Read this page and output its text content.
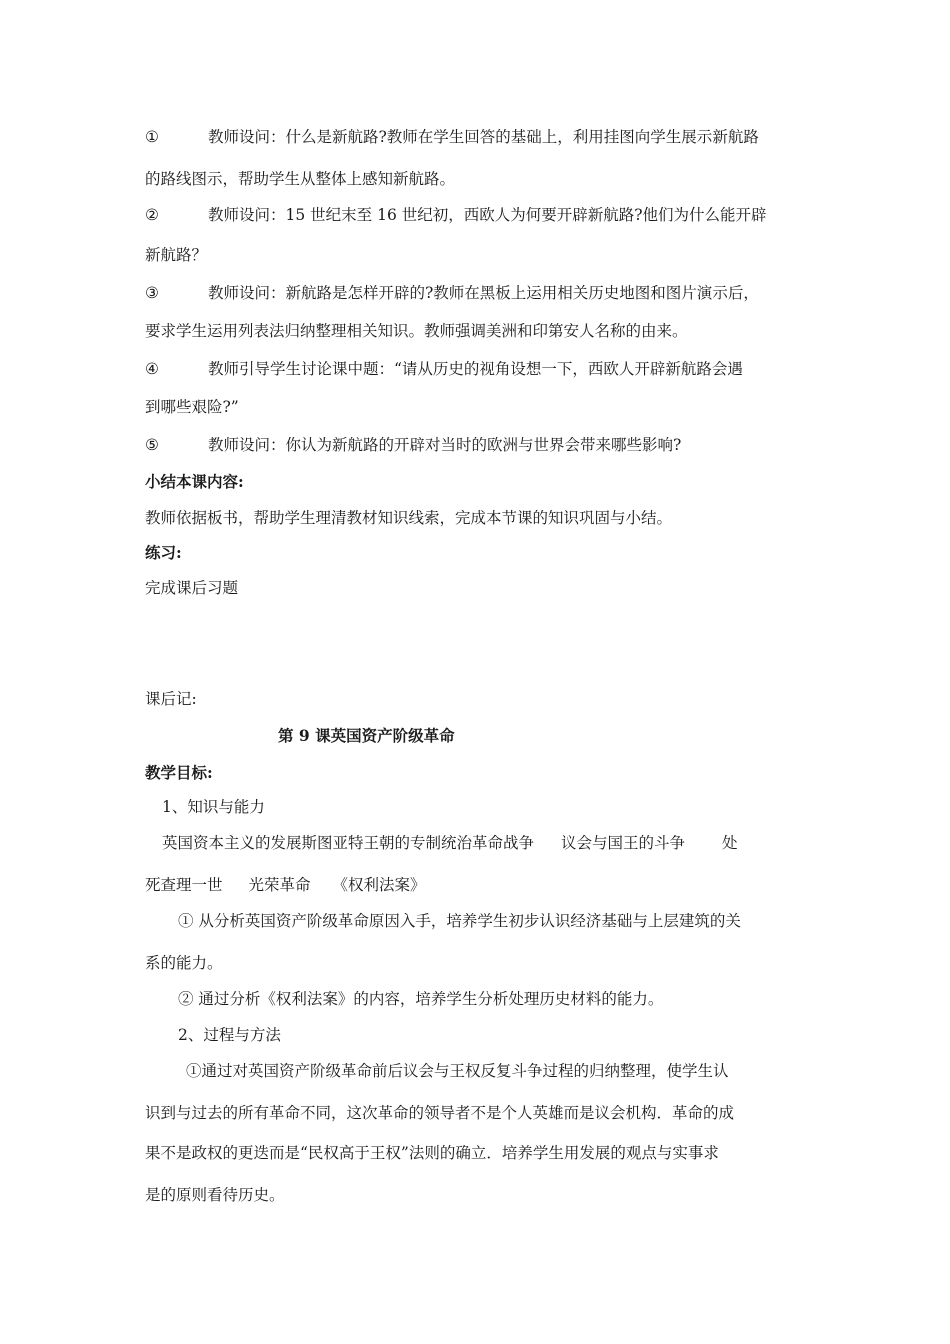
①	教师设问：什么是新航路?教师在学生回答的基础上，利用挂图向学生展示新航路
的路线图示，帮助学生从整体上感知新航路。
②	教师设问：15 世纪末至 16 世纪初，西欧人为何要开辟新航路?他们为什么能开辟
新航路？
③	教师设问：新航路是怎样开辟的?教师在黑板上运用相关历史地图和图片演示后，
要求学生运用列表法归纳整理相关知识。教师强调美洲和印第安人名称的由来。
④	教师引导学生讨论课中题：“请从历史的视角设想一下，西欧人开辟新航路会遇
到哪些艰险?”
⑤	教师设问：你认为新航路的开辟对当时的欧洲与世界会带来哪些影响?
小结本课内容:
教师依据板书，帮助学生理清教材知识线索，完成本节课的知识巩固与小结。
练习:
完成课后习题
课后记:
第 9 课英国资产阶级革命
教学目标:
1、知识与能力
英国资本主义的发展斯图亚特王朝的专制统治革命战争 议会与国王的斗争 处
死查理一世 光荣革命 《权利法案》
① 从分析英国资产阶级革命原因入手，培养学生初步认识经济基础与上层建筑的关
系的能力。
② 通过分析《权利法案》的内容，培养学生分析处理历史材料的能力。
2、过程与方法
①通过对英国资产阶级革命前后议会与王权反复斗争过程的归纳整理，使学生认
识到与过去的所有革命不同，这次革命的领导者不是个人英雄而是议会机构．革命的成
果不是政权的更迭而是“民权高于王权”法则的确立．培养学生用发展的观点与实事求
是的原则看待历史。
